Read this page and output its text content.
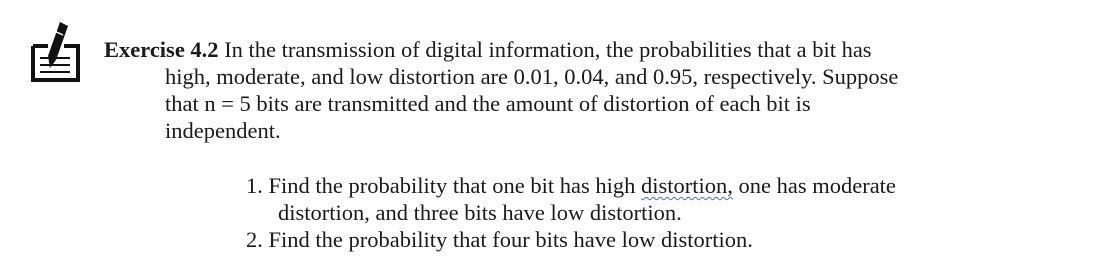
Exercise 4.2 In the transmission of digital information, the probabilities that a bit has
high, moderate, and low distortion are 0.01, 0.04, and 0.95, respectively. Suppose
that n = 5 bits are transmitted and the amount of distortion of each bit is
independent.
1. Find the probability that one bit has high distortion, one has moderate
distortion, and three bits have low distortion.
2. Find the probability that four bits have low distortion.
